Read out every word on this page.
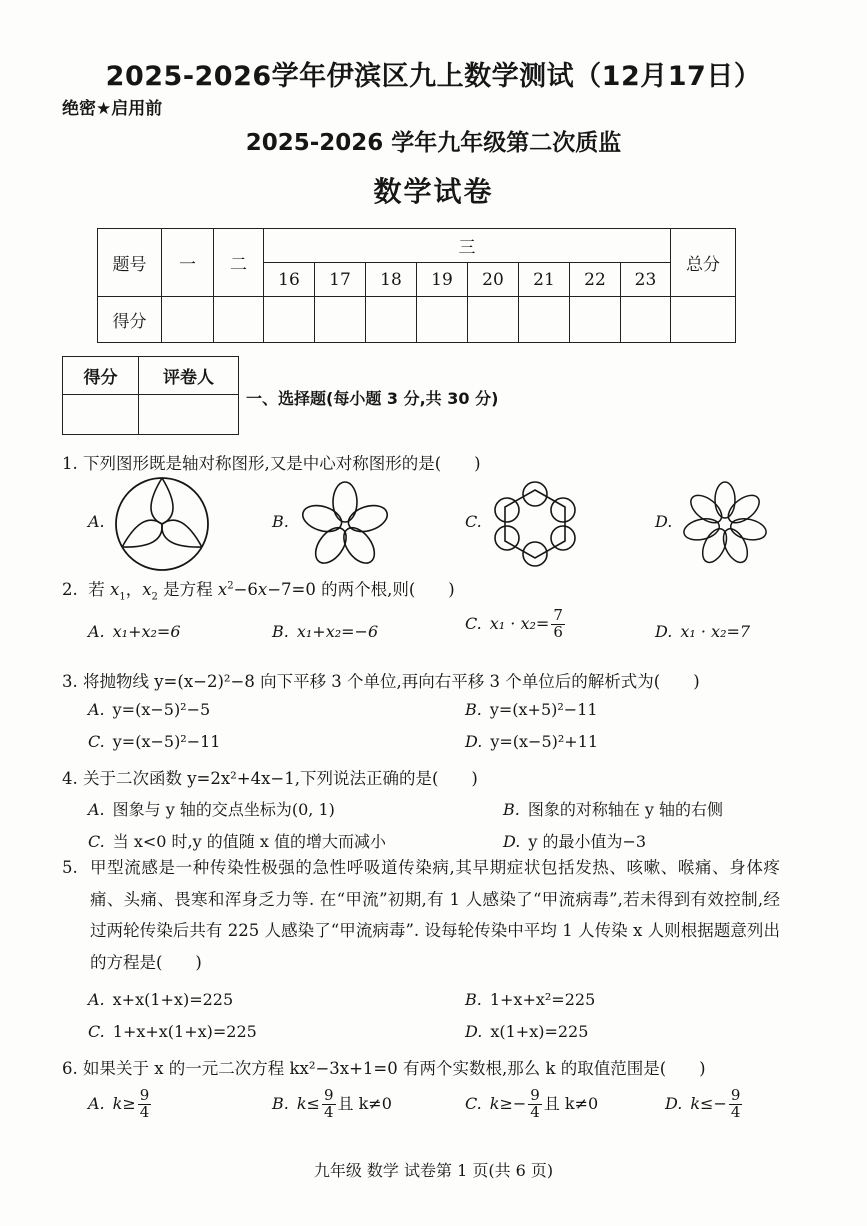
2025-2026学年伊滨区九上数学测试（12月17日）
绝密★启用前
2025-2026 学年九年级第二次质监
数学试卷
题号	一	二	三								总分
			16	17	18	19	20	21	22	23	
得分											
得分	评卷人

一、选择题(每小题 3 分,共 30 分)
1. 下列图形既是轴对称图形,又是中心对称图形的是(　　)
A.	B.	C.	D.
2. 若 $x_1$，$x_2$ 是方程 $x^2-6x-7=0$ 的两个根,则(　　)
A. x₁+x₂=6	B. x₁+x₂=−6	C. $x_1 \cdot x_2= \frac{7}{6}$	D. x₁ · x₂=7
3. 将抛物线 y=(x−2)²−8 向下平移 3 个单位,再向右平移 3 个单位后的解析式为(　　)
A. y=(x−5)²−5	B. y=(x+5)²−11
C. y=(x−5)²−11	D. y=(x−5)²+11
4. 关于二次函数 y=2x²+4x−1,下列说法正确的是(　　)
A. 图象与 y 轴的交点坐标为(0, 1)	B. 图象的对称轴在 y 轴的右侧
C. 当 x<0 时,y 的值随 x 值的增大而减小	D. y 的最小值为−3
5. 甲型流感是一种传染性极强的急性呼吸道传染病,其早期症状包括发热、咳嗽、喉痛、身体疼痛、头痛、畏寒和浑身乏力等. 在“甲流”初期,有 1 人感染了“甲流病毒”,若未得到有效控制,经过两轮传染后共有 225 人感染了“甲流病毒”. 设每轮传染中平均 1 人传染 x 人则根据题意列出的方程是(　　)
A. x+x(1+x)=225	B. 1+x+x²=225
C. 1+x+x(1+x)=225	D. x(1+x)=225
6. 如果关于 x 的一元二次方程 kx²−3x+1=0 有两个实数根,那么 k 的取值范围是(　　)
A. $k\ge \frac{9}{4}$	B. $k\le \frac{9}{4}$ 且 k≠0	C. $k\ge- \frac{9}{4}$ 且 k≠0	D. $k\le- \frac{9}{4}$
九年级 数学 试卷第 1 页(共 6 页)
